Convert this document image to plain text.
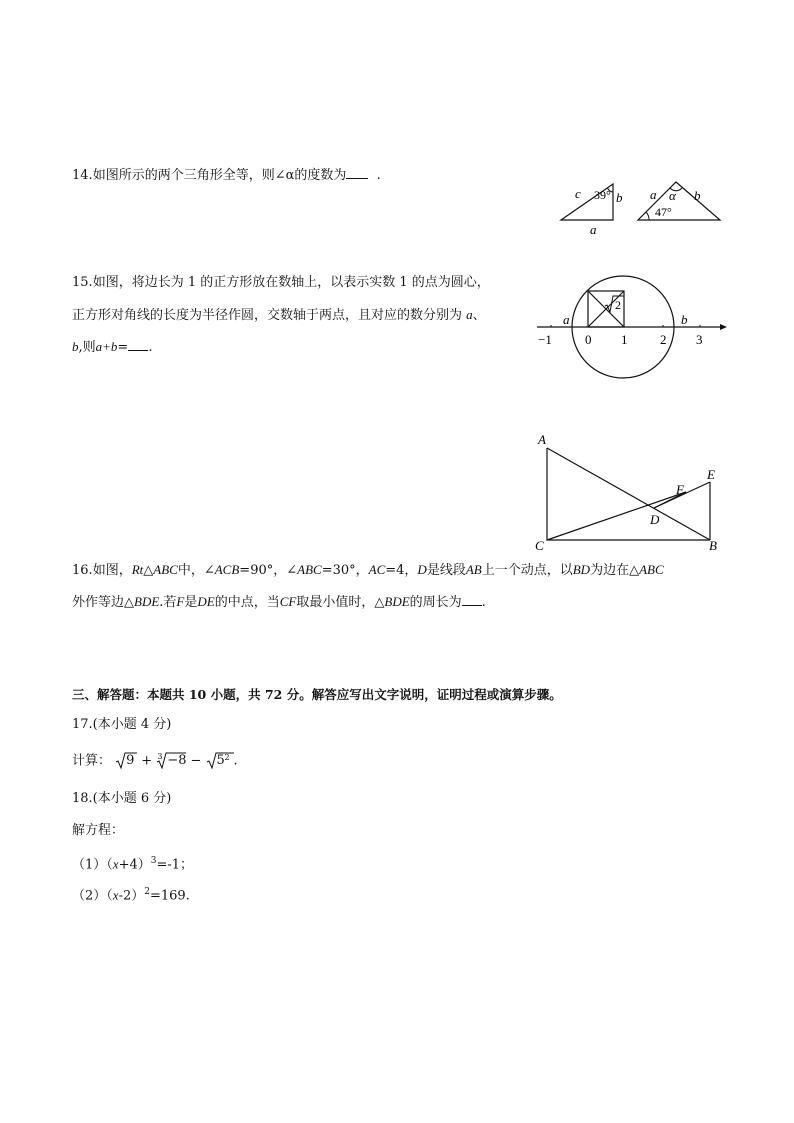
14.如图所示的两个三角形全等，则∠α的度数为 .
c 39° b
a
a α b
47°
15.如图，将边长为 1 的正方形放在数轴上，以表示实数 1 的点为圆心，
正方形对角线的长度为半径作圆，交数轴于两点，且对应的数分别为 a、
b,则a+b= .
2
a	b
−1	0 1	2 3
A
E
F
D
C	B
16.如图，Rt△ABC中，∠ACB=90°，∠ABC=30°，AC=4，D是线段AB上一个动点，以BD为边在△ABC
外作等边△BDE.若F是DE的中点，当CF取最小值时，△BDE的周长为 .
三、解答题：本题共 10 小题，共 72 分。解答应写出文字说明，证明过程或演算步骤。
17.(本小题 4 分)
计算： 9 + 3 −8 − 5 2 .
18.(本小题 6 分)
解方程：
$(1)(x+4)^3=-1$；
$(2)(x-2)^2=169$.
